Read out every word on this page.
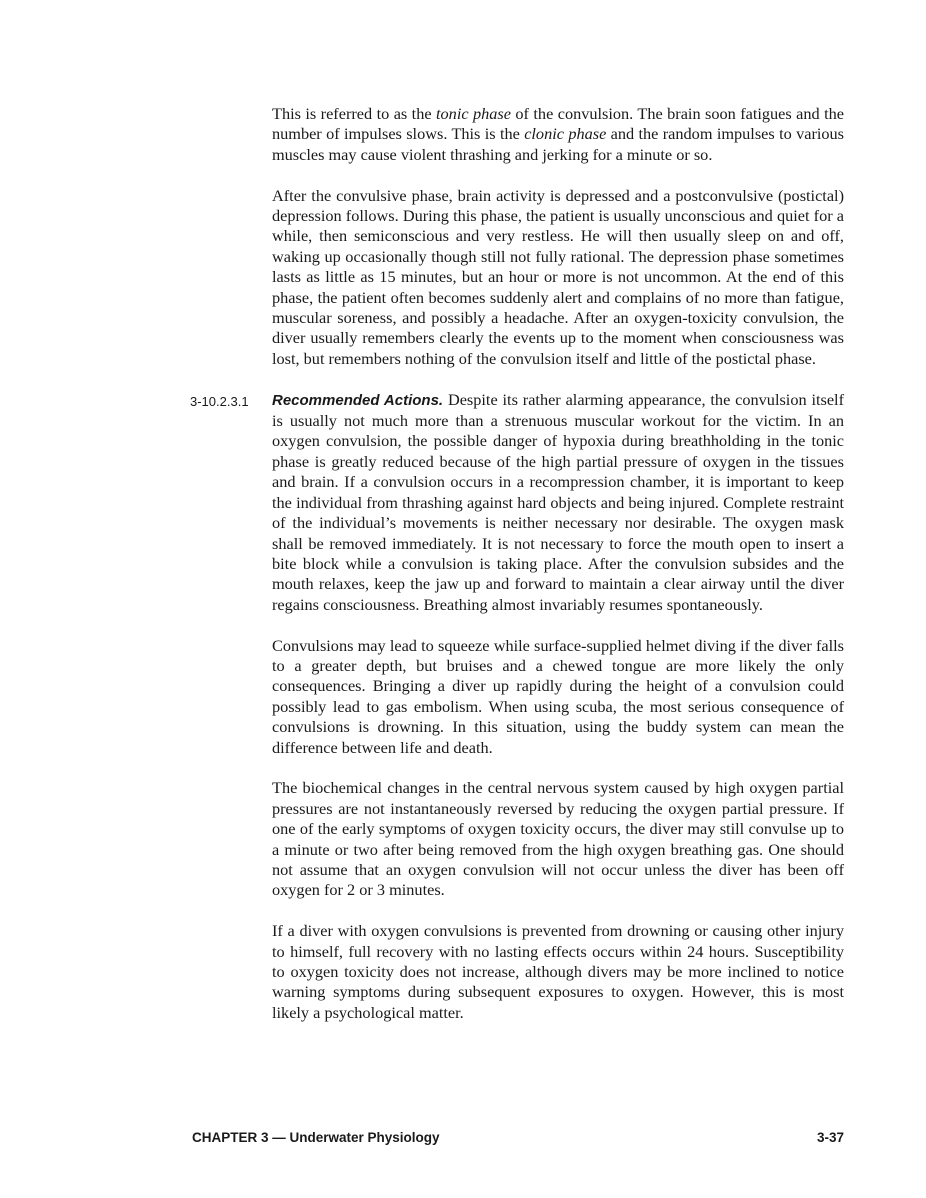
This is referred to as the tonic phase of the convulsion. The brain soon fatigues and the number of impulses slows. This is the clonic phase and the random impulses to various muscles may cause violent thrashing and jerking for a minute or so.

After the convulsive phase, brain activity is depressed and a postconvulsive (postictal) depression follows. During this phase, the patient is usually unconscious and quiet for a while, then semiconscious and very restless. He will then usually sleep on and off, waking up occasionally though still not fully rational. The depression phase sometimes lasts as little as 15 minutes, but an hour or more is not uncommon. At the end of this phase, the patient often becomes suddenly alert and complains of no more than fatigue, muscular soreness, and possibly a headache. After an oxygen-toxicity convulsion, the diver usually remembers clearly the events up to the moment when consciousness was lost, but remembers nothing of the convulsion itself and little of the postictal phase.

3-10.2.3.1 Recommended Actions. Despite its rather alarming appearance, the convulsion itself is usually not much more than a strenuous muscular workout for the victim. In an oxygen convulsion, the possible danger of hypoxia during breathholding in the tonic phase is greatly reduced because of the high partial pressure of oxygen in the tissues and brain. If a convulsion occurs in a recompression chamber, it is important to keep the individual from thrashing against hard objects and being injured. Complete restraint of the individual’s movements is neither necessary nor desirable. The oxygen mask shall be removed immediately. It is not necessary to force the mouth open to insert a bite block while a convulsion is taking place. After the convulsion subsides and the mouth relaxes, keep the jaw up and forward to maintain a clear airway until the diver regains consciousness. Breathing almost invariably resumes spontaneously.

Convulsions may lead to squeeze while surface-supplied helmet diving if the diver falls to a greater depth, but bruises and a chewed tongue are more likely the only consequences. Bringing a diver up rapidly during the height of a convulsion could possibly lead to gas embolism. When using scuba, the most serious consequence of convulsions is drowning. In this situation, using the buddy system can mean the difference between life and death.

The biochemical changes in the central nervous system caused by high oxygen partial pressures are not instantaneously reversed by reducing the oxygen partial pressure. If one of the early symptoms of oxygen toxicity occurs, the diver may still convulse up to a minute or two after being removed from the high oxygen breathing gas. One should not assume that an oxygen convulsion will not occur unless the diver has been off oxygen for 2 or 3 minutes.

If a diver with oxygen convulsions is prevented from drowning or causing other injury to himself, full recovery with no lasting effects occurs within 24 hours. Susceptibility to oxygen toxicity does not increase, although divers may be more inclined to notice warning symptoms during subsequent exposures to oxygen. However, this is most likely a psychological matter.

CHAPTER 3 — Underwater Physiology	3-37
